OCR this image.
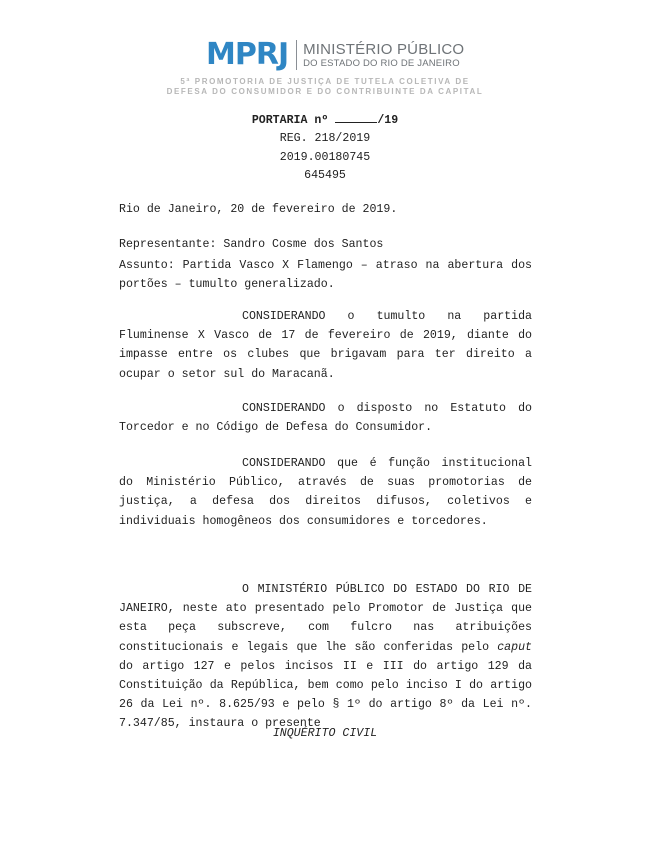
MPRJ MINISTÉRIO PÚBLICO
DO ESTADO DO RIO DE JANEIRO
5ª PROMOTORIA DE JUSTIÇA DE TUTELA COLETIVA DE
DEFESA DO CONSUMIDOR E DO CONTRIBUINTE DA CAPITAL
PORTARIA nº	/19
REG. 218/2019
2019.00180745
645495
Rio de Janeiro, 20 de fevereiro de 2019.
Representante: Sandro Cosme dos Santos
Assunto: Partida Vasco X Flamengo – atraso na abertura dos portões – tumulto generalizado.
CONSIDERANDO o tumulto na partida Fluminense X Vasco de 17 de fevereiro de 2019, diante do impasse entre os clubes que brigavam para ter direito a ocupar o setor sul do Maracanã.
CONSIDERANDO o disposto no Estatuto do Torcedor e no Código de Defesa do Consumidor.
CONSIDERANDO que é função institucional do Ministério Público, através de suas promotorias de justiça, a defesa dos direitos difusos, coletivos e individuais homogêneos dos consumidores e torcedores.
O MINISTÉRIO PÚBLICO DO ESTADO DO RIO DE JANEIRO, neste ato presentado pelo Promotor de Justiça que esta peça subscreve, com fulcro nas atribuições constitucionais e legais que lhe são conferidas pelo caput do artigo 127 e pelos incisos II e III do artigo 129 da Constituição da República, bem como pelo inciso I do artigo 26 da Lei nº. 8.625/93 e pelo § 1º do artigo 8º da Lei nº. 7.347/85, instaura o presente
INQUÉRITO CIVIL
